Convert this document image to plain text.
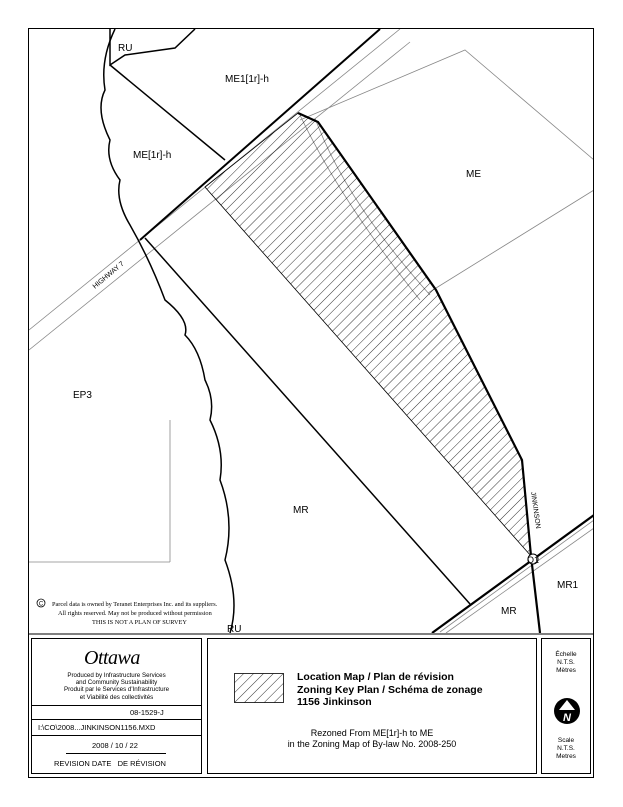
RU
ME1[1r]-h
ME[1r]-h
ME
EP3
MR
MR1
MR
RU
O1
HIGHWAY 7
JINKINSON
C Parcel data is owned by Teranet Enterprises Inc. and its suppliers.
All rights reserved. May not be produced without permission
THIS IS NOT A PLAN OF SURVEY
Ottawa
Produced by Infrastructure Services
and Community Sustainability
Produit par le Services d'Infrastructure
et Viabilité des collectivités
08-1529-J
I:\CO\2008...JINKINSON1156.MXD
2008 / 10 / 22
REVISION DATE   DE RÉVISION
Location Map / Plan de révision
Zoning Key Plan / Schéma de zonage
1156 Jinkinson
Rezoned From ME[1r]-h to ME
in the Zoning Map of By-law No. 2008-250
Échelle
N.T.S.
Mètres
N
Scale
N.T.S.
Metres
